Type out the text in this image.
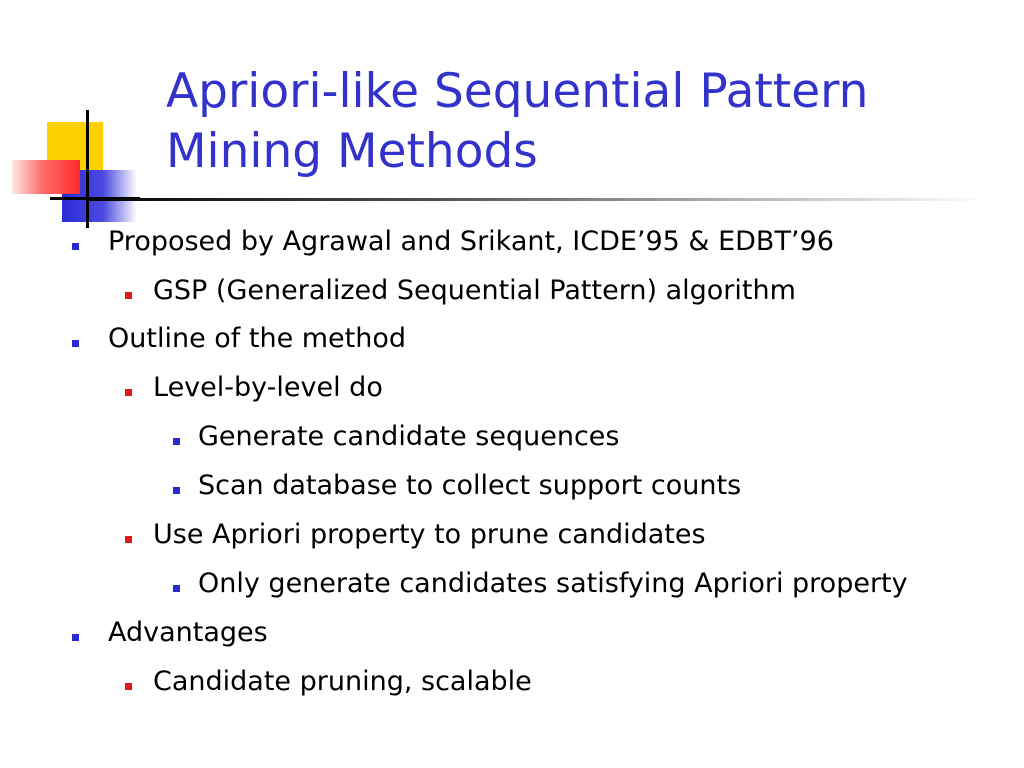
Apriori-like Sequential Pattern
Mining Methods
Proposed by Agrawal and Srikant, ICDE’95 & EDBT’96
GSP (Generalized Sequential Pattern) algorithm
Outline of the method
Level-by-level do
Generate candidate sequences
Scan database to collect support counts
Use Apriori property to prune candidates
Only generate candidates satisfying Apriori property
Advantages
Candidate pruning, scalable
